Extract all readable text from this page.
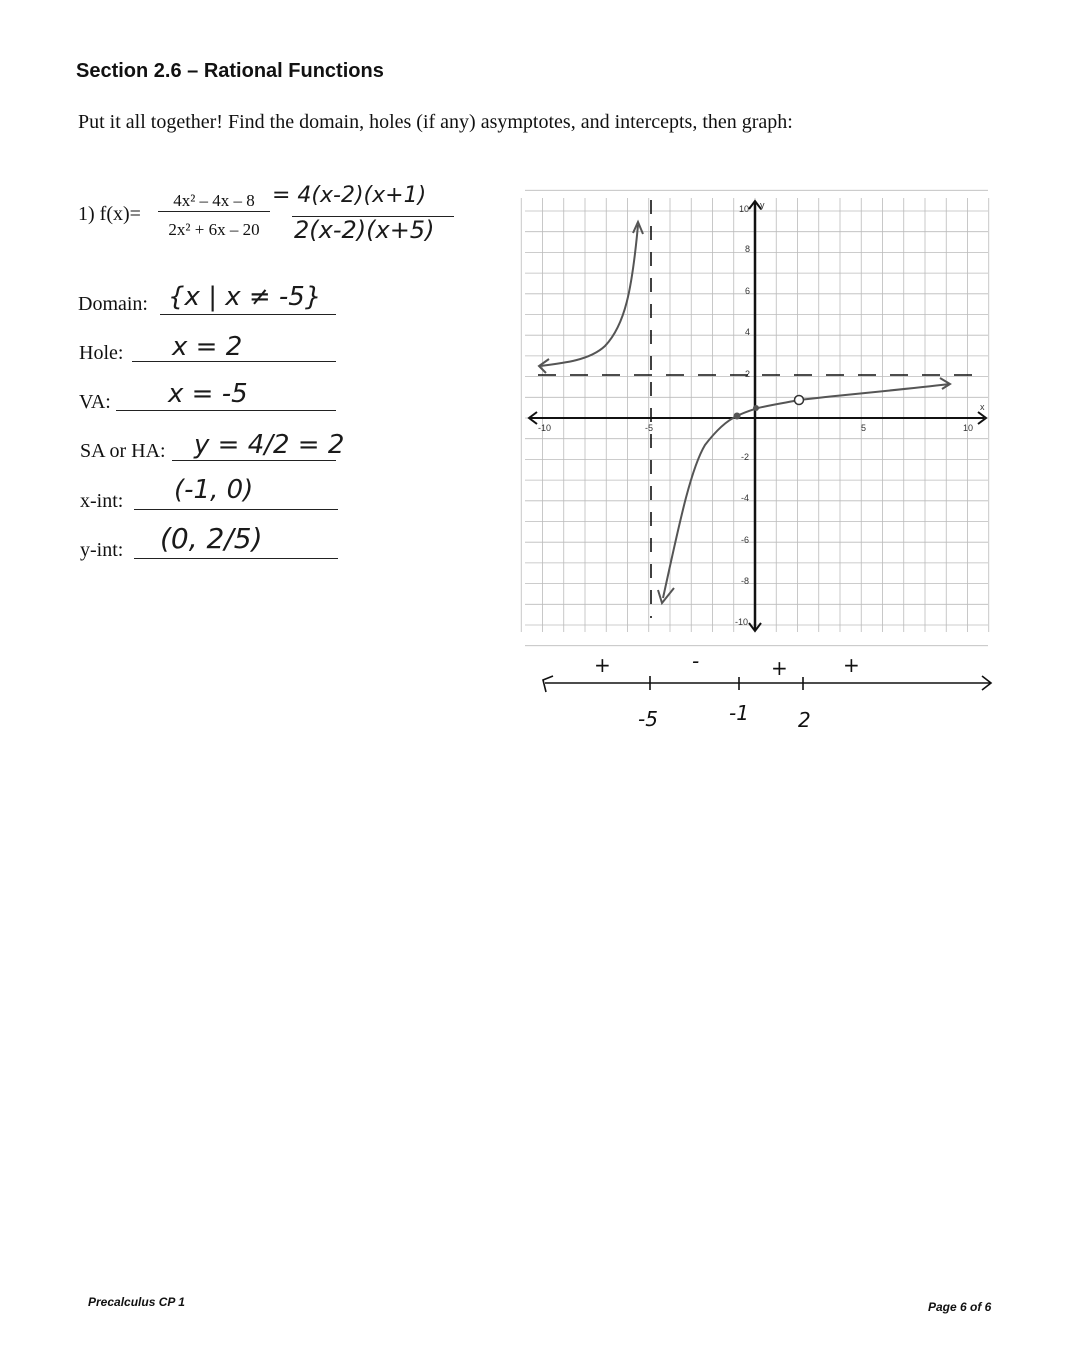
Section 2.6 – Rational Functions
Put it all together! Find the domain, holes (if any) asymptotes, and intercepts, then graph:
1) f(x)=
4x² – 4x – 8
2x² + 6x – 20
= 4(x-2)(x+1)
2(x-2)(x+5)
Domain: {x | x ≠ -5}
Hole: x = 2
VA: x = -5
SA or HA: y = 4/2 = 2
x-int: (-1, 0)
y-int: (0, 2/5)
x
y
-10	-5	5	10
10
8
6
4
2
-2
-4
-6
-8
-10
+	-	+	+
-5	-1 2
Precalculus CP 1	Page 6 of 6
